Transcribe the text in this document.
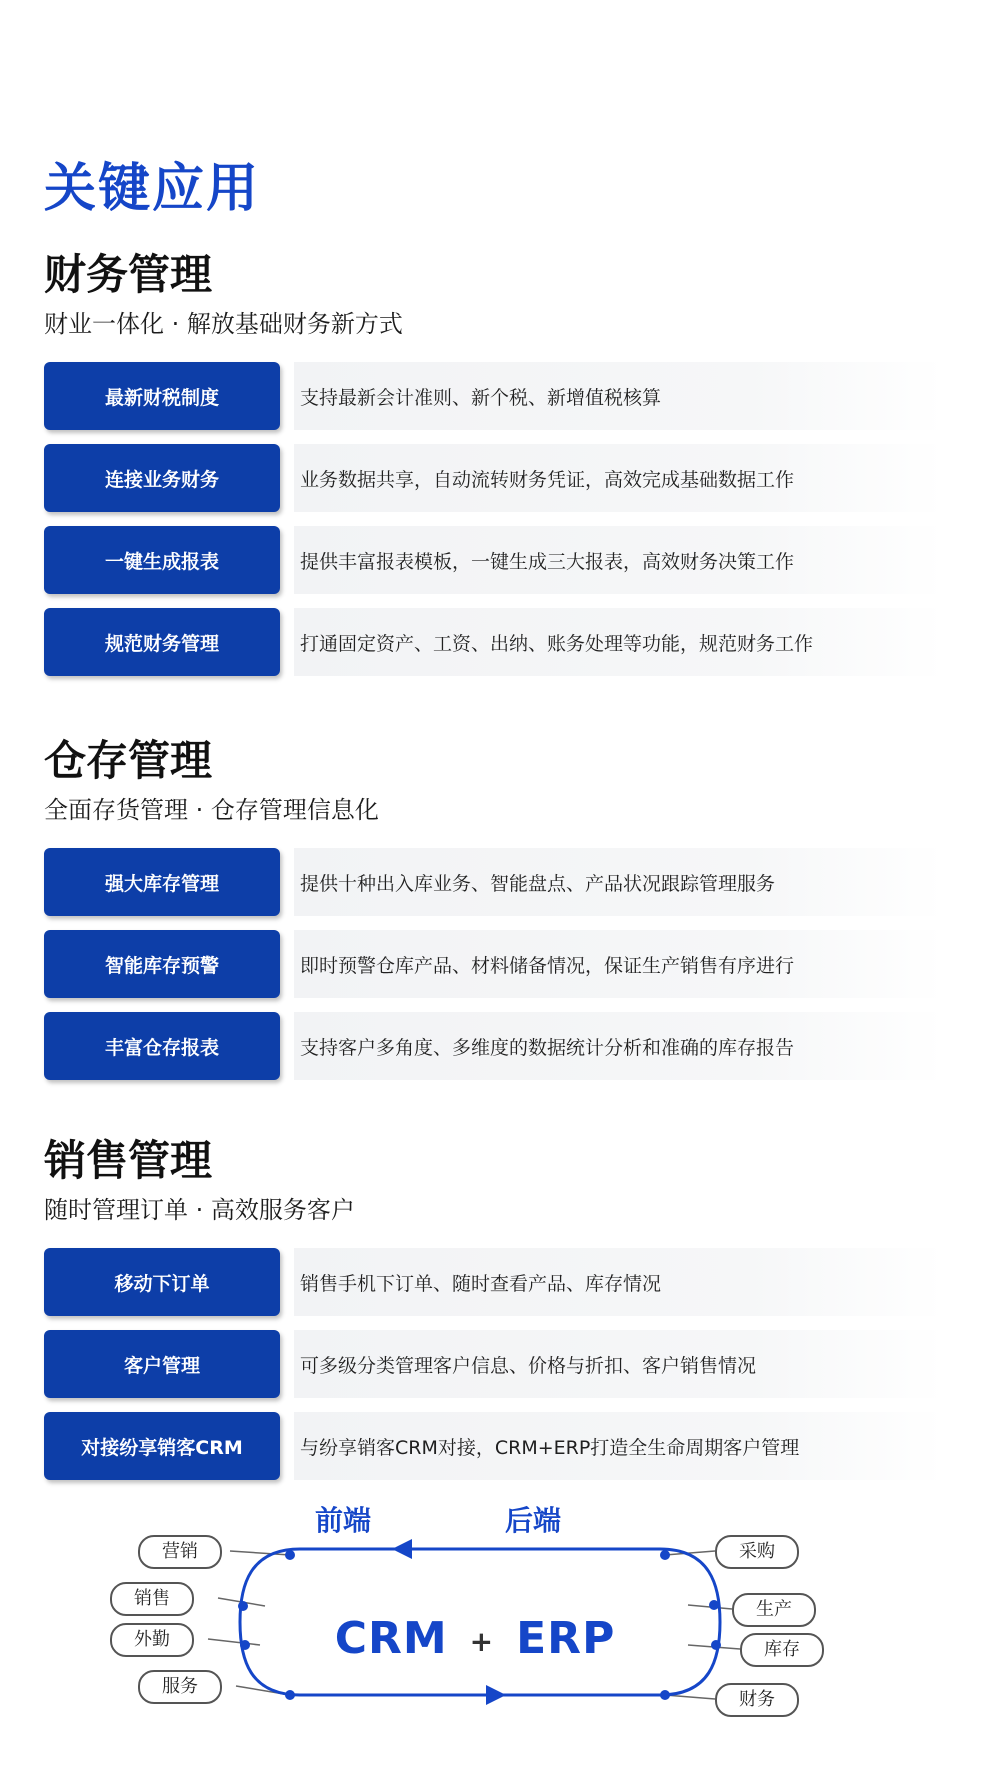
关键应用
财务管理

财业一体化 · 解放基础财务新方式

最新财税制度	支持最新会计准则、新个税、新增值税核算
连接业务财务	业务数据共享，自动流转财务凭证，高效完成基础数据工作
一键生成报表	提供丰富报表模板，一键生成三大报表，高效财务决策工作
规范财务管理	打通固定资产、工资、出纳、账务处理等功能，规范财务工作
仓存管理

全面存货管理 · 仓存管理信息化

强大库存管理	提供十种出入库业务、智能盘点、产品状况跟踪管理服务
智能库存预警	即时预警仓库产品、材料储备情况，保证生产销售有序进行
丰富仓存报表	支持客户多角度、多维度的数据统计分析和准确的库存报告
销售管理

随时管理订单 · 高效服务客户

移动下订单	销售手机下订单、随时查看产品、库存情况
客户管理	可多级分类管理客户信息、价格与折扣、客户销售情况
对接纷享销客CRM	与纷享销客CRM对接，CRM+ERP打造全生命周期客户管理
前端	后端
CRM + ERP
营销
销售
外勤
服务
采购
生产
库存
财务
